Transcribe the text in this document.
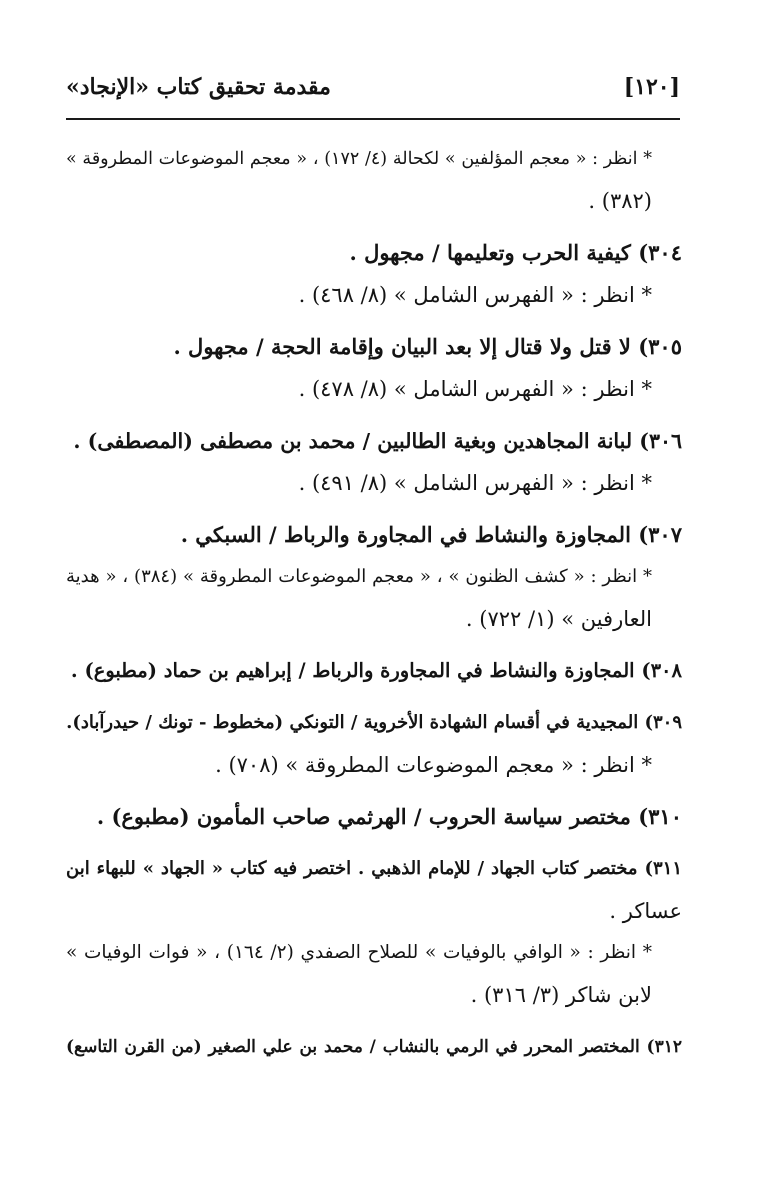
[١٢٠]
مقدمة تحقيق كتاب «الإنجاد»
* انظر : « معجم المؤلفين » لكحالة (٤/ ١٧٢) ، « معجم الموضوعات المطروقة »
(٣٨٢) .
٣٠٤) كيفية الحرب وتعليمها / مجهول .
* انظر : « الفهرس الشامل » (٨/ ٤٦٨) .
٣٠٥) لا قتل ولا قتال إلا بعد البيان وإقامة الحجة / مجهول .
* انظر : « الفهرس الشامل » (٨/ ٤٧٨) .
٣٠٦) لبانة المجاهدين وبغية الطالبين / محمد بن مصطفى (المصطفى) .
* انظر : « الفهرس الشامل » (٨/ ٤٩١) .
٣٠٧) المجاوزة والنشاط في المجاورة والرباط / السبكي .
* انظر : « كشف الظنون » ، « معجم الموضوعات المطروقة » (٣٨٤) ، « هدية
العارفين » (١/ ٧٢٢) .
٣٠٨) المجاوزة والنشاط في المجاورة والرباط / إبراهيم بن حماد (مطبوع) .
٣٠٩) المجيدية في أقسام الشهادة الأخروية / التونكي (مخطوط - تونك / حيدرآباد).
* انظر : « معجم الموضوعات المطروقة » (٧٠٨) .
٣١٠) مختصر سياسة الحروب / الهرثمي صاحب المأمون (مطبوع) .
٣١١) مختصر كتاب الجهاد / للإمام الذهبي . اختصر فيه كتاب « الجهاد » للبهاء ابن
عساكر .
* انظر : « الوافي بالوفيات » للصلاح الصفدي (٢/ ١٦٤) ، « فوات الوفيات »
لابن شاكر (٣/ ٣١٦) .
٣١٢) المختصر المحرر في الرمي بالنشاب / محمد بن علي الصغير (من القرن التاسع)
